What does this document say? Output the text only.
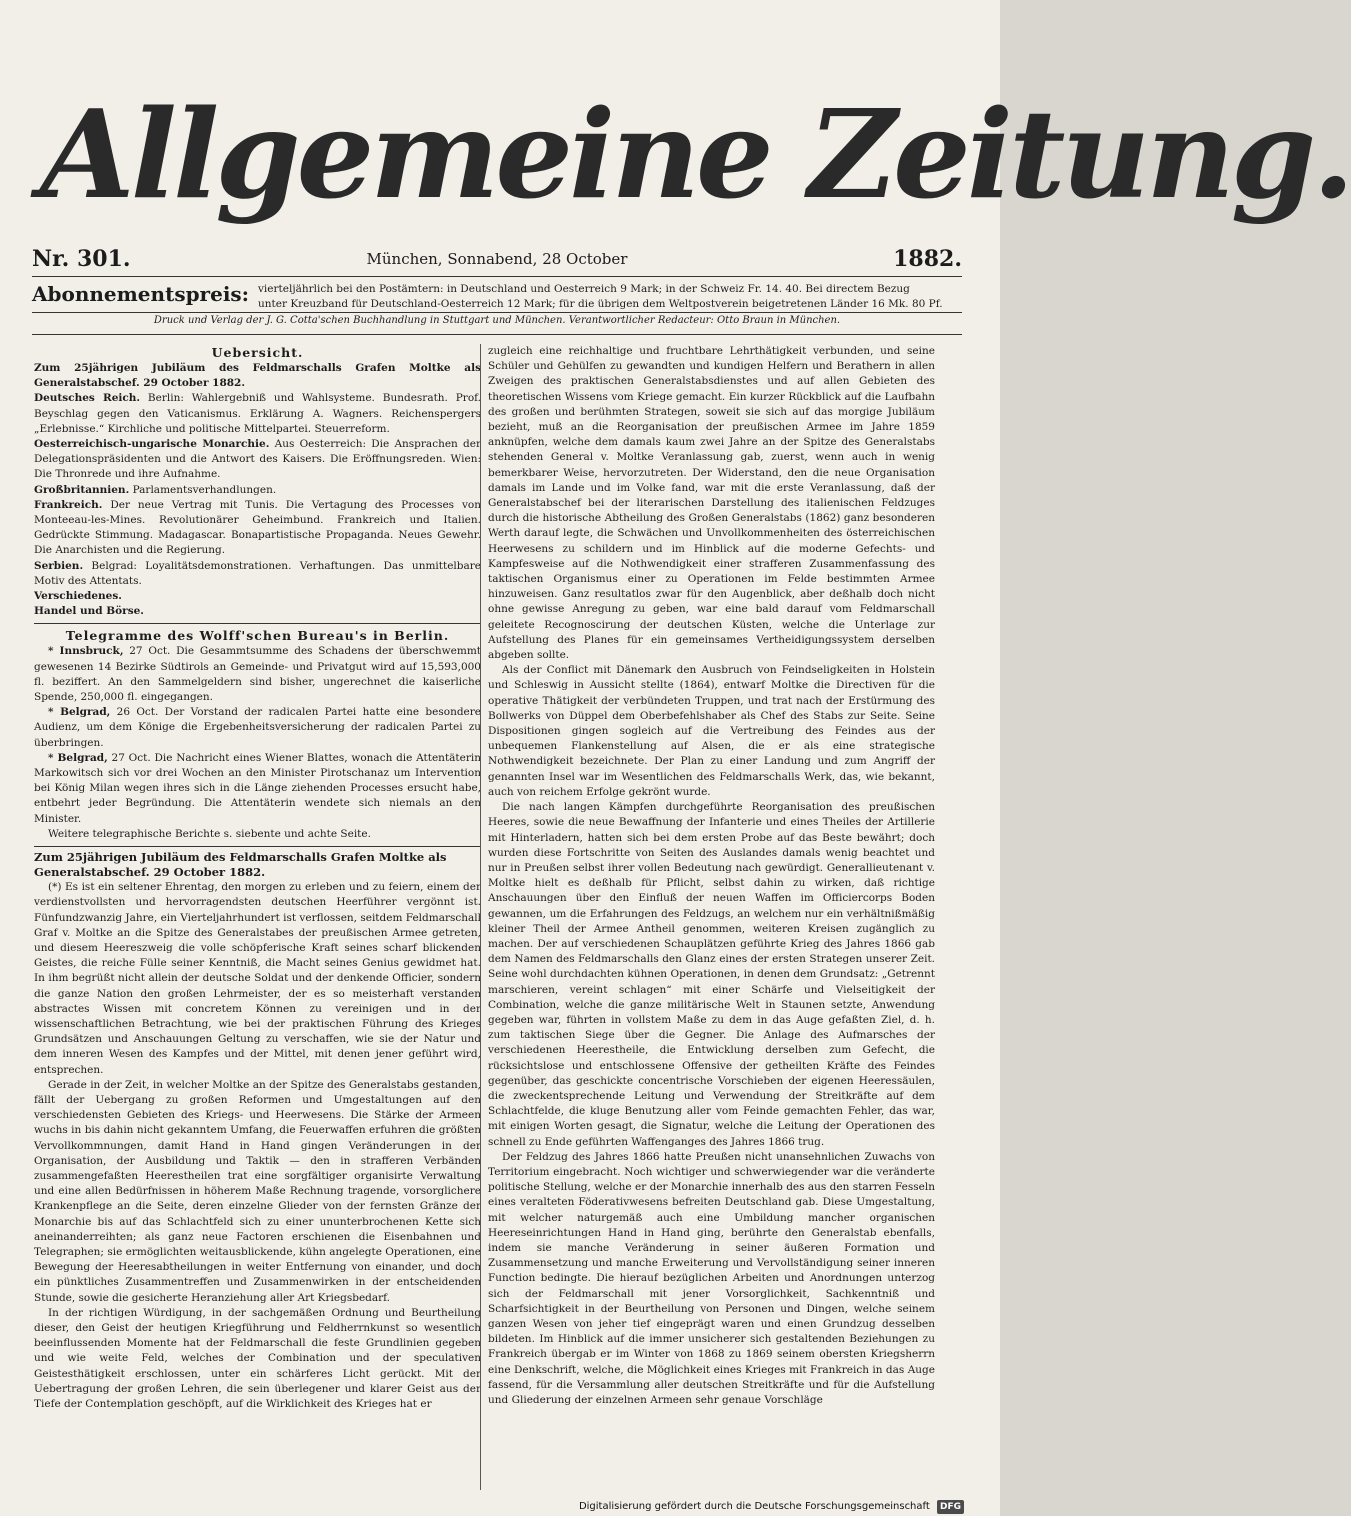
Allgemeine Zeitung.
Nr. 301.	München, Sonnabend, 28 October	1882.
Abonnementspreis: vierteljährlich bei den Postämtern: in Deutschland und Oesterreich 9 Mark; in der Schweiz Fr. 14. 40. Bei directem Bezug
unter Kreuzband für Deutschland-Oesterreich 12 Mark; für die übrigen dem Weltpostverein beigetretenen Länder 16 Mk. 80 Pf.
Druck und Verlag der J. G. Cotta'schen Buchhandlung in Stuttgart und München. Verantwortlicher Redacteur: Otto Braun in München.
Uebersicht.

Zum 25jährigen Jubiläum des Feldmarschalls Grafen Moltke als Generalstabschef. 29 October 1882.

Deutsches Reich. Berlin: Wahlergebniß und Wahlsysteme. Bundesrath. Prof. Beyschlag gegen den Vaticanismus. Erklärung A. Wagners. Reichenspergers „Erlebnisse.“ Kirchliche und politische Mittelpartei. Steuerreform.

Oesterreichisch-ungarische Monarchie. Aus Oesterreich: Die Ansprachen der Delegationspräsidenten und die Antwort des Kaisers. Die Eröffnungsreden. Wien: Die Thronrede und ihre Aufnahme.

Großbritannien. Parlamentsverhandlungen.

Frankreich. Der neue Vertrag mit Tunis. Die Vertagung des Processes von Monteeau-les-Mines. Revolutionärer Geheimbund. Frankreich und Italien. Gedrückte Stimmung. Madagascar. Bonapartistische Propaganda. Neues Gewehr. Die Anarchisten und die Regierung.

Serbien. Belgrad: Loyalitätsdemonstrationen. Verhaftungen. Das unmittelbare Motiv des Attentats.

Verschiedenes.

Handel und Börse.

Telegramme des Wolff'schen Bureau's in Berlin.

* Innsbruck, 27 Oct. Die Gesammtsumme des Schadens der überschwemmt gewesenen 14 Bezirke Südtirols an Gemeinde- und Privatgut wird auf 15,593,000 fl. beziffert. An den Sammelgeldern sind bisher, ungerechnet die kaiserliche Spende, 250,000 fl. eingegangen.

* Belgrad, 26 Oct. Der Vorstand der radicalen Partei hatte eine besondere Audienz, um dem Könige die Ergebenheitsversicherung der radicalen Partei zu überbringen.

* Belgrad, 27 Oct. Die Nachricht eines Wiener Blattes, wonach die Attentäterin Markowitsch sich vor drei Wochen an den Minister Pirotschanaz um Intervention bei König Milan wegen ihres sich in die Länge ziehenden Processes ersucht habe, entbehrt jeder Begründung. Die Attentäterin wendete sich niemals an den Minister.

Weitere telegraphische Berichte s. siebente und achte Seite.

Zum 25jährigen Jubiläum des Feldmarschalls Grafen Moltke als Generalstabschef. 29 October 1882.

(*) Es ist ein seltener Ehrentag, den morgen zu erleben und zu feiern, einem der verdienstvollsten und hervorragendsten deutschen Heerführer vergönnt ist. Fünfundzwanzig Jahre, ein Vierteljahrhundert ist verflossen, seitdem Feldmarschall Graf v. Moltke an die Spitze des Generalstabes der preußischen Armee getreten, und diesem Heereszweig die volle schöpferische Kraft seines scharf blickenden Geistes, die reiche Fülle seiner Kenntniß, die Macht seines Genius gewidmet hat. In ihm begrüßt nicht allein der deutsche Soldat und der denkende Officier, sondern die ganze Nation den großen Lehrmeister, der es so meisterhaft verstanden abstractes Wissen mit concretem Können zu vereinigen und in der wissenschaftlichen Betrachtung, wie bei der praktischen Führung des Krieges Grundsätzen und Anschauungen Geltung zu verschaffen, wie sie der Natur und dem inneren Wesen des Kampfes und der Mittel, mit denen jener geführt wird, entsprechen.

Gerade in der Zeit, in welcher Moltke an der Spitze des Generalstabs gestanden, fällt der Uebergang zu großen Reformen und Umgestaltungen auf den verschiedensten Gebieten des Kriegs- und Heerwesens. Die Stärke der Armeen wuchs in bis dahin nicht gekanntem Umfang, die Feuerwaffen erfuhren die größten Vervollkommnungen, damit Hand in Hand gingen Veränderungen in der Organisation, der Ausbildung und Taktik — den in strafferen Verbänden zusammengefaßten Heerestheilen trat eine sorgfältiger organisirte Verwaltung und eine allen Bedürfnissen in höherem Maße Rechnung tragende, vorsorglichere Krankenpflege an die Seite, deren einzelne Glieder von der fernsten Gränze der Monarchie bis auf das Schlachtfeld sich zu einer ununterbrochenen Kette sich aneinanderreihten; als ganz neue Factoren erschienen die Eisenbahnen und Telegraphen; sie ermöglichten weitausblickende, kühn angelegte Operationen, eine Bewegung der Heeresabtheilungen in weiter Entfernung von einander, und doch ein pünktliches Zusammentreffen und Zusammenwirken in der entscheidenden Stunde, sowie die gesicherte Heranziehung aller Art Kriegsbedarf.

In der richtigen Würdigung, in der sachgemäßen Ordnung und Beurtheilung dieser, den Geist der heutigen Kriegführung und Feldherrnkunst so wesentlich beeinflussenden Momente hat der Feldmarschall die feste Grundlinien gegeben und wie weite Feld, welches der Combination und der speculativen Geistesthätigkeit erschlossen, unter ein schärferes Licht gerückt. Mit der Uebertragung der großen Lehren, die sein überlegener und klarer Geist aus der Tiefe der Contemplation geschöpft, auf die Wirklichkeit des Krieges hat er

zugleich eine reichhaltige und fruchtbare Lehrthätigkeit verbunden, und seine Schüler und Gehülfen zu gewandten und kundigen Helfern und Berathern in allen Zweigen des praktischen Generalstabsdienstes und auf allen Gebieten des theoretischen Wissens vom Kriege gemacht. Ein kurzer Rückblick auf die Laufbahn des großen und berühmten Strategen, soweit sie sich auf das morgige Jubiläum bezieht, muß an die Reorganisation der preußischen Armee im Jahre 1859 anknüpfen, welche dem damals kaum zwei Jahre an der Spitze des Generalstabs stehenden General v. Moltke Veranlassung gab, zuerst, wenn auch in wenig bemerkbarer Weise, hervorzutreten. Der Widerstand, den die neue Organisation damals im Lande und im Volke fand, war mit die erste Veranlassung, daß der Generalstabschef bei der literarischen Darstellung des italienischen Feldzuges durch die historische Abtheilung des Großen Generalstabs (1862) ganz besonderen Werth darauf legte, die Schwächen und Unvollkommenheiten des österreichischen Heerwesens zu schildern und im Hinblick auf die moderne Gefechts- und Kampfesweise auf die Nothwendigkeit einer strafferen Zusammenfassung des taktischen Organismus einer zu Operationen im Felde bestimmten Armee hinzuweisen. Ganz resultatlos zwar für den Augenblick, aber deßhalb doch nicht ohne gewisse Anregung zu geben, war eine bald darauf vom Feldmarschall geleitete Recognoscirung der deutschen Küsten, welche die Unterlage zur Aufstellung des Planes für ein gemeinsames Vertheidigungssystem derselben abgeben sollte.

Als der Conflict mit Dänemark den Ausbruch von Feindseligkeiten in Holstein und Schleswig in Aussicht stellte (1864), entwarf Moltke die Directiven für die operative Thätigkeit der verbündeten Truppen, und trat nach der Erstürmung des Bollwerks von Düppel dem Oberbefehlshaber als Chef des Stabs zur Seite. Seine Dispositionen gingen sogleich auf die Vertreibung des Feindes aus der unbequemen Flankenstellung auf Alsen, die er als eine strategische Nothwendigkeit bezeichnete. Der Plan zu einer Landung und zum Angriff der genannten Insel war im Wesentlichen des Feldmarschalls Werk, das, wie bekannt, auch von reichem Erfolge gekrönt wurde.

Die nach langen Kämpfen durchgeführte Reorganisation des preußischen Heeres, sowie die neue Bewaffnung der Infanterie und eines Theiles der Artillerie mit Hinterladern, hatten sich bei dem ersten Probe auf das Beste bewährt; doch wurden diese Fortschritte von Seiten des Auslandes damals wenig beachtet und nur in Preußen selbst ihrer vollen Bedeutung nach gewürdigt. Generallieutenant v. Moltke hielt es deßhalb für Pflicht, selbst dahin zu wirken, daß richtige Anschauungen über den Einfluß der neuen Waffen im Officiercorps Boden gewannen, um die Erfahrungen des Feldzugs, an welchem nur ein verhältnißmäßig kleiner Theil der Armee Antheil genommen, weiteren Kreisen zugänglich zu machen. Der auf verschiedenen Schauplätzen geführte Krieg des Jahres 1866 gab dem Namen des Feldmarschalls den Glanz eines der ersten Strategen unserer Zeit. Seine wohl durchdachten kühnen Operationen, in denen dem Grundsatz: „Getrennt marschieren, vereint schlagen“ mit einer Schärfe und Vielseitigkeit der Combination, welche die ganze militärische Welt in Staunen setzte, Anwendung gegeben war, führten in vollstem Maße zu dem in das Auge gefaßten Ziel, d. h. zum taktischen Siege über die Gegner. Die Anlage des Aufmarsches der verschiedenen Heerestheile, die Entwicklung derselben zum Gefecht, die rücksichtslose und entschlossene Offensive der getheilten Kräfte des Feindes gegenüber, das geschickte concentrische Vorschieben der eigenen Heeressäulen, die zweckentsprechende Leitung und Verwendung der Streitkräfte auf dem Schlachtfelde, die kluge Benutzung aller vom Feinde gemachten Fehler, das war, mit einigen Worten gesagt, die Signatur, welche die Leitung der Operationen des schnell zu Ende geführten Waffenganges des Jahres 1866 trug.

Der Feldzug des Jahres 1866 hatte Preußen nicht unansehnlichen Zuwachs von Territorium eingebracht. Noch wichtiger und schwerwiegender war die veränderte politische Stellung, welche er der Monarchie innerhalb des aus den starren Fesseln eines veralteten Föderativwesens befreiten Deutschland gab. Diese Umgestaltung, mit welcher naturgemäß auch eine Umbildung mancher organischen Heereseinrichtungen Hand in Hand ging, berührte den Generalstab ebenfalls, indem sie manche Veränderung in seiner äußeren Formation und Zusammensetzung und manche Erweiterung und Vervollständigung seiner inneren Function bedingte. Die hierauf bezüglichen Arbeiten und Anordnungen unterzog sich der Feldmarschall mit jener Vorsorglichkeit, Sachkenntniß und Scharfsichtigkeit in der Beurtheilung von Personen und Dingen, welche seinem ganzen Wesen von jeher tief eingeprägt waren und einen Grundzug desselben bildeten. Im Hinblick auf die immer unsicherer sich gestaltenden Beziehungen zu Frankreich übergab er im Winter von 1868 zu 1869 seinem obersten Kriegsherrn eine Denkschrift, welche, die Möglichkeit eines Krieges mit Frankreich in das Auge fassend, für die Versammlung aller deutschen Streitkräfte und für die Aufstellung und Gliederung der einzelnen Armeen sehr genaue Vorschläge

Digitalisierung gefördert durch die Deutsche Forschungsgemeinschaft DFG
